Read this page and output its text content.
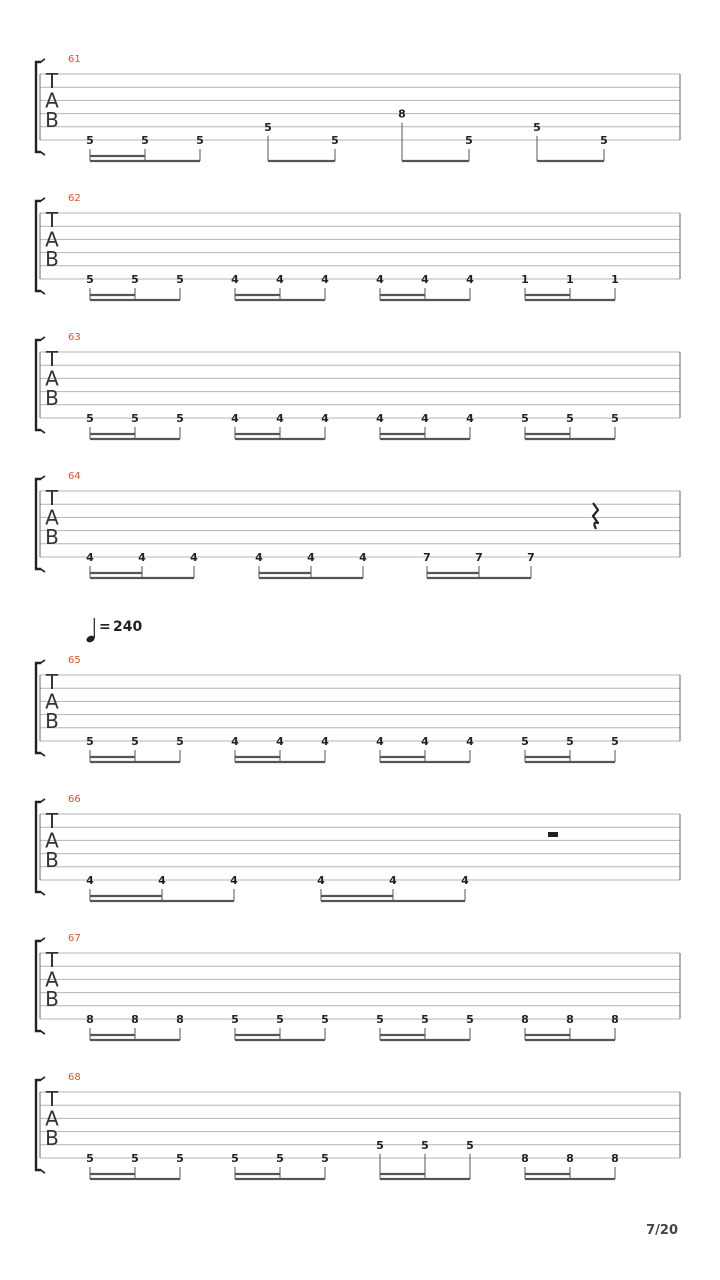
61
T
A
B
5	5	5
5
5
8
5
5
5
62
T
A
B
5	5	5	4	4	4	4	4	4	1	1	1
63
T
A
B
5	5	5	4	4	4	4	4	4	5	5	5
64
T
A
B
4	4	4	4	4	4	7	7	7
65
T
A
B
5	5	5	4	4	4	4	4	4	5	5	5
66
T
A
B
4	4	4	4	4	4
67
T
A
B
8	8	8	5	5	5	5	5	5	8	8	8
68
T
A
B
5	5	5	5	5	5
5	5	5
8	8	8
= 240
7/20
